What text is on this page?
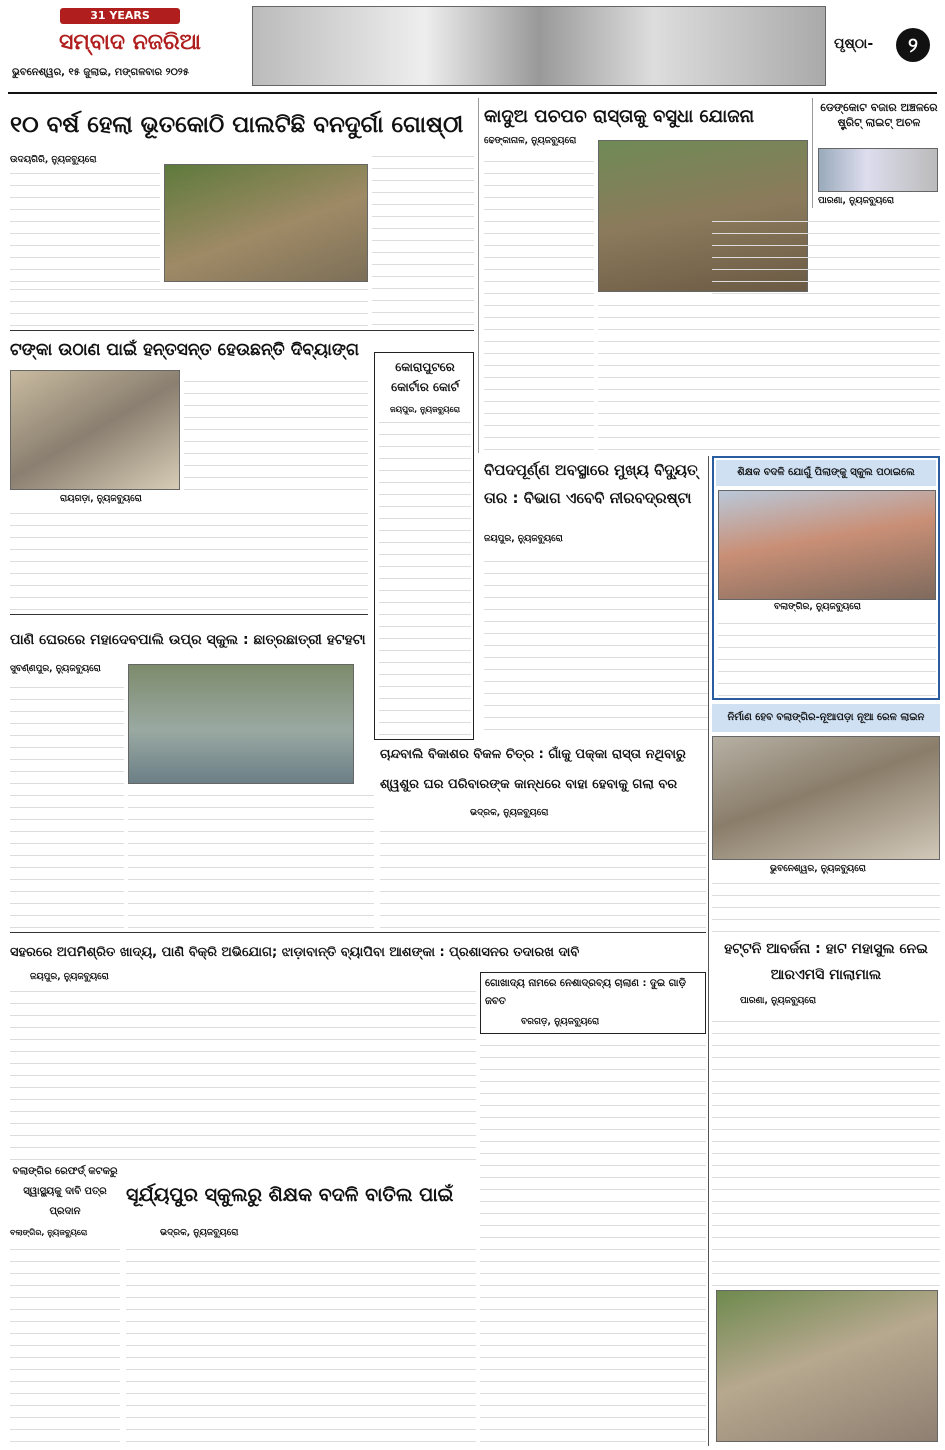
31 YEARS
ସମ୍ବାଦ ନଜରିଆ
ଭୁବନେଶ୍ୱର, ୧୫ ଜୁଲାଇ, ମଙ୍ଗଳବାର ୨୦୨୫
ପୃଷ୍ଠା-	୨
୧୦ ବର୍ଷ ହେଲା ଭୂତକୋଠି ପାଲଟିଛି ବନଦୁର୍ଗା ଗୋଷ୍ଠୀ
ଉଦୟଗିରି, ନ୍ୟୁଜବ୍ୟୁରୋ
କାଦୁଅ ପଚପଚ ରାସ୍ତାକୁ ବସୁଧା ଯୋଜନା
ଢେଙ୍କାନାଳ, ନ୍ୟୁଜବ୍ୟୁରୋ
ଡେଙ୍କୋଟ ବଜାର ଅଞ୍ଚଳରେ ଷ୍ଟ୍ରିଟ୍ ଲାଇଟ୍ ଅଚଳ
ପାରଣା, ନ୍ୟୁଜବ୍ୟୁରୋ
ଟଙ୍କା ଉଠାଣ ପାଇଁ ହନ୍ତସନ୍ତ ହେଉଛନ୍ତି ଦିବ୍ୟାଙ୍ଗ
ରାୟଗଡ଼ା, ନ୍ୟୁଜବ୍ୟୁରୋ
କୋରାପୁଟରେ କୋର୍ଟାର କୋର୍ଟ
ଜୟପୁର, ନ୍ୟୁଜବ୍ୟୁରୋ
ବିପଦପୂର୍ଣ୍ଣ ଅବସ୍ଥାରେ ମୁଖ୍ୟ ବିଦ୍ୟୁତ୍ ତାର : ବିଭାଗ ଏବେବି ନୀରବଦ୍ରଷ୍ଟା
ଜୟପୁର, ନ୍ୟୁଜବ୍ୟୁରୋ
ଶିକ୍ଷକ ବଦଳି ଯୋଗୁଁ ପିଲାଙ୍କୁ ସ୍କୁଲ ପଠାଇଲେ
ବଲାଙ୍ଗିର, ନ୍ୟୁଜବ୍ୟୁରୋ
ପାଣି ଘେରରେ ମହାଦେବପାଲି ଉପ୍ର ସ୍କୁଲ : ଛାତ୍ରଛାତ୍ରୀ ହଟହଟା
ସୁବର୍ଣ୍ଣପୁର, ନ୍ୟୁଜବ୍ୟୁରୋ
ନିର୍ମାଣ ହେବ ବଲାଙ୍ଗିର-ନୂଆପଡ଼ା ନୂଆ ରେଳ ଲାଇନ
ଭୁବନେଶ୍ୱର, ନ୍ୟୁଜବ୍ୟୁରୋ
ଚାନ୍ଦବାଲି ବିକାଶର ବିକଳ ଚିତ୍ର : ଗାଁକୁ ପକ୍କା ରାସ୍ତା ନଥିବାରୁ ଶ୍ୱଶୁର ଘର ପରିବାରଙ୍କ କାନ୍ଧରେ ବାହା ହେବାକୁ ଗଲା ବର
ଭଦ୍ରକ, ନ୍ୟୁଜବ୍ୟୁରୋ
ସହରରେ ଅପମିଶ୍ରିତ ଖାଦ୍ୟ, ପାଣି ବିକ୍ରି ଅଭିଯୋଗ; ଝାଡ଼ାବାନ୍ତି ବ୍ୟାପିବା ଆଶଙ୍କା : ପ୍ରଶାସନର ତଦାରଖ ଦାବି
ଜୟପୁର, ନ୍ୟୁଜବ୍ୟୁରୋ
ଗୋଖାଦ୍ୟ ନାମରେ ନେଶାଦ୍ରବ୍ୟ ଚାଲାଣ : ଦୁଇ ଗାଡ଼ି ଜବତ
ବରଗଡ଼, ନ୍ୟୁଜବ୍ୟୁରୋ
ହଟ୍ଟନି ଆବର୍ଜନା : ହାଟ ମହାସୁଲ ନେଇ ଆରଏମସି ମାଲାମାଲ
ପାରଣା, ନ୍ୟୁଜବ୍ୟୁରୋ
ବଲାଙ୍ଗିର ରେଫର୍ଡ୍ କଟକରୁ ସ୍ୱାସ୍ଥ୍ୟକୁ ଦାବି ପତ୍ର ପ୍ରଦାନ
ବଲାଙ୍ଗିର, ନ୍ୟୁଜବ୍ୟୁରୋ
ସୂର୍ଯ୍ୟପୁର ସ୍କୁଲରୁ ଶିକ୍ଷକ ବଦଳି ବାତିଲ ପାଇଁ
ଭଦ୍ରକ, ନ୍ୟୁଜବ୍ୟୁରୋ
